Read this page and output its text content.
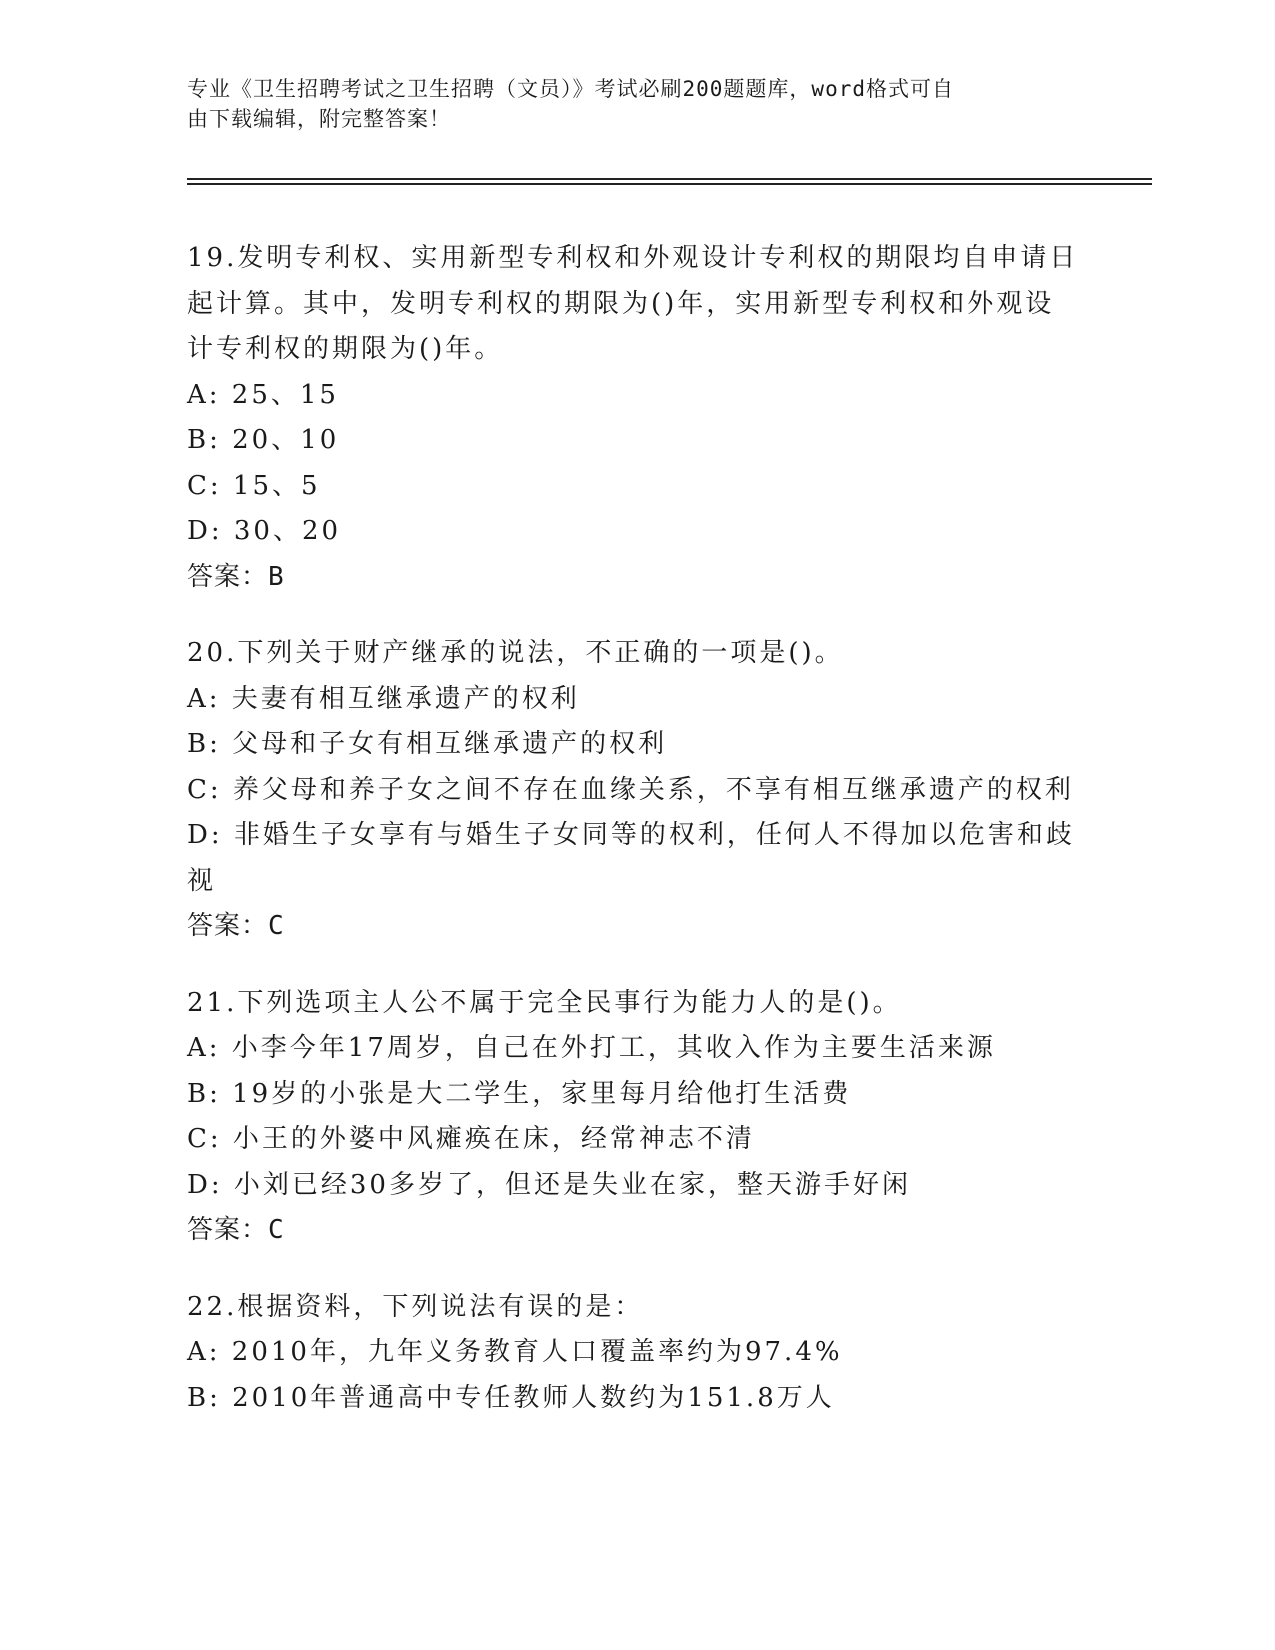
专业《卫生招聘考试之卫生招聘（文员）》考试必刷200题题库，word格式可自
由下载编辑，附完整答案！
19.发明专利权、实用新型专利权和外观设计专利权的期限均自申请日
起计算。其中，发明专利权的期限为()年，实用新型专利权和外观设
计专利权的期限为()年。
A: 25、15
B: 20、10
C: 15、5
D: 30、20
答案：B
20.下列关于财产继承的说法，不正确的一项是()。
A: 夫妻有相互继承遗产的权利
B: 父母和子女有相互继承遗产的权利
C: 养父母和养子女之间不存在血缘关系，不享有相互继承遗产的权利
D: 非婚生子女享有与婚生子女同等的权利，任何人不得加以危害和歧
视
答案：C
21.下列选项主人公不属于完全民事行为能力人的是()。
A: 小李今年17周岁，自己在外打工，其收入作为主要生活来源
B: 19岁的小张是大二学生，家里每月给他打生活费
C: 小王的外婆中风瘫痪在床，经常神志不清
D: 小刘已经30多岁了，但还是失业在家，整天游手好闲
答案：C
22.根据资料，下列说法有误的是：
A: 2010年，九年义务教育人口覆盖率约为97.4%
B: 2010年普通高中专任教师人数约为151.8万人
